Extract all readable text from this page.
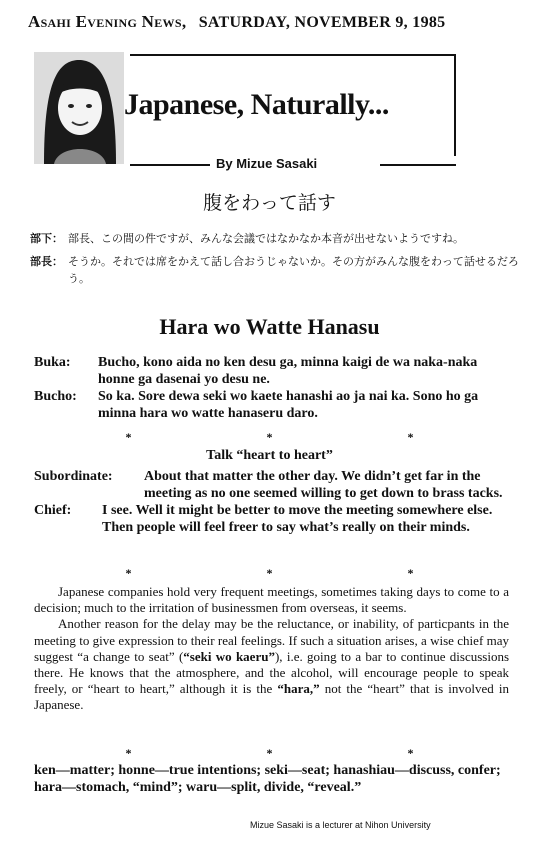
Asahi Evening News, SATURDAY, NOVEMBER 9, 1985
Japanese, Naturally...
By Mizue Sasaki
腹をわって話す
部下： 部長、この間の件ですが、みんな会議ではなかなか本音が出せないようですね。
部長： そうか。それでは席をかえて話し合おうじゃないか。その方がみんな腹をわって話せるだろう。
Hara wo Watte Hanasu
Buka:	Bucho, kono aida no ken desu ga, minna kaigi de wa naka-naka honne ga dasenai yo desu ne.
Bucho:	So ka. Sore dewa seki wo kaete hanashi ao ja nai ka. Sono ho ga minna hara wo watte hanaseru daro.
* * *
Talk “heart to heart”
Subordinate:	About that matter the other day. We didn’t get far in the meeting as no one seemed willing to get down to brass tacks.
Chief:	I see. Well it might be better to move the meeting somewhere else. Then people will feel freer to say what’s really on their minds.
* * *

Japanese companies hold very frequent meetings, sometimes taking days to come to a decision; much to the irritation of businessmen from overseas, it seems.

Another reason for the delay may be the reluctance, or inability, of particpants in the meeting to give expression to their real feelings. If such a situation arises, a wise chief may suggest “a change to seat” (“seki wo kaeru”), i.e. going to a bar to continue discussions there. He knows that the atmosphere, and the alcohol, will encourage people to speak freely, or “heart to heart,” although it is the “hara,” not the “heart” that is involved in Japanese.

* * *
ken—matter; honne—true intentions; seki—seat; hanashiau—discuss, confer; hara—stomach, “mind”; waru—split, divide, “reveal.”
Mizue Sasaki is a lecturer at Nihon University
